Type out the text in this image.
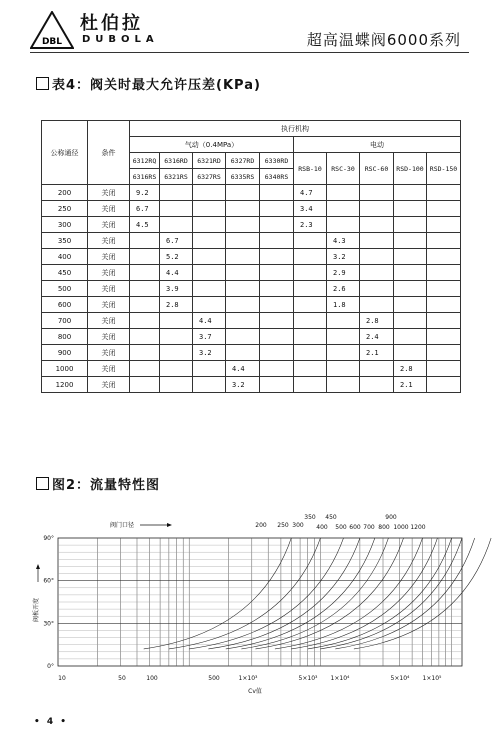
DBL
杜伯拉
DUBOLA	超高温蝶阀6000系列
表4：阀关时最大允许压差(KPa)
公称通径	条件	执行机构									
		气动（0.4MPa）					电动				
		6312RQ	6316RD	6321RD	6327RD	6330RD	RSB-10	RSC-30	RSC-60	RSD-100	RSD-150
		6316RS	6321RS	6327RS	6335RS	6340RS					
200	关闭	9.2					4.7				
250	关闭	6.7					3.4				
300	关闭	4.5					2.3				
350	关闭		6.7					4.3			
400	关闭		5.2					3.2			
450	关闭		4.4					2.9			
500	关闭		3.9					2.6			
600	关闭		2.8					1.8			
700	关闭			4.4					2.8		
800	关闭			3.7					2.4		
900	关闭			3.2					2.1		
1000	关闭				4.4					2.8	
1200	关闭				3.2					2.1	
图2：流量特性图
90°
60°
30°
0°
10	50	100	500	1×10³	5×10³ 1×10⁴	5×10⁴ 1×10⁵
Cv值
阀板开度
阀门口径	200 250 300
350
400
450
500 600 700 800
900
1000 1200
• 4 •
